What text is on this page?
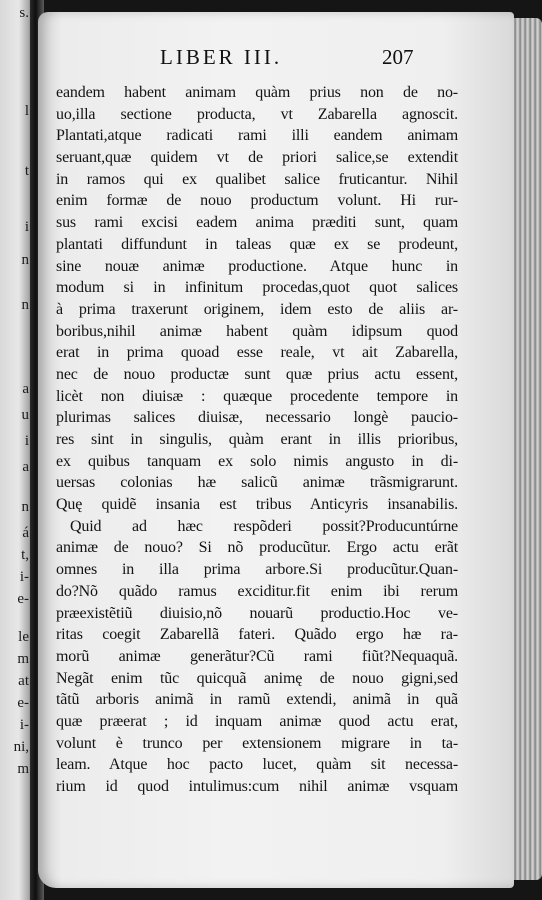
s.
l
t
i
n
n
a
u
i
a
n
á
t,
i-
e-
le
m
at
e-
i-
ni,
m
LIBER III.	207
eandem habent animam quàm prius non de no-
uo,illa sectione producta, vt Zabarella agnoscit.
Plantati,atque radicati rami illi eandem animam
seruant,quæ quidem vt de priori salice,se extendit
in ramos qui ex qualibet salice fruticantur. Nihil
enim formæ de nouo productum volunt. Hi rur-
sus rami excisi eadem anima præditi sunt, quam
plantati diffundunt in taleas quæ ex se prodeunt,
sine nouæ animæ productione. Atque hunc in
modum si in infinitum procedas,quot quot salices
à prima traxerunt originem, idem esto de aliis ar-
boribus,nihil animæ habent quàm idipsum quod
erat in prima quoad esse reale, vt ait Zabarella,
nec de nouo productæ sunt quæ prius actu essent,
licèt non diuisæ : quæque procedente tempore in
plurimas salices diuisæ, necessario longè paucio-
res sint in singulis, quàm erant in illis prioribus,
ex quibus tanquam ex solo nimis angusto in di-
uersas colonias hæ salicũ animæ trãsmigrarunt.
Quę quidẽ insania est tribus Anticyris insanabilis.
Quid ad hæc respõderi possit?Producuntúrne
animæ de nouo? Si nõ producũtur. Ergo actu erãt
omnes in illa prima arbore.Si producũtur.Quan-
do?Nõ quãdo ramus exciditur.fit enim ibi rerum
præexistẽtiũ diuisio,nõ nouarũ productio.Hoc ve-
ritas coegit Zabarellã fateri. Quãdo ergo hæ ra-
morũ animæ generãtur?Cũ rami fiũt?Nequaquã.
Negãt enim tũc quicquã animę de nouo gigni,sed
tãtũ arboris animã in ramũ extendi, animã in quã
quæ præerat ; id inquam animæ quod actu erat,
volunt è trunco per extensionem migrare in ta-
leam. Atque hoc pacto lucet, quàm sit necessa-
rium id quod intulimus:cum nihil animæ vsquam
